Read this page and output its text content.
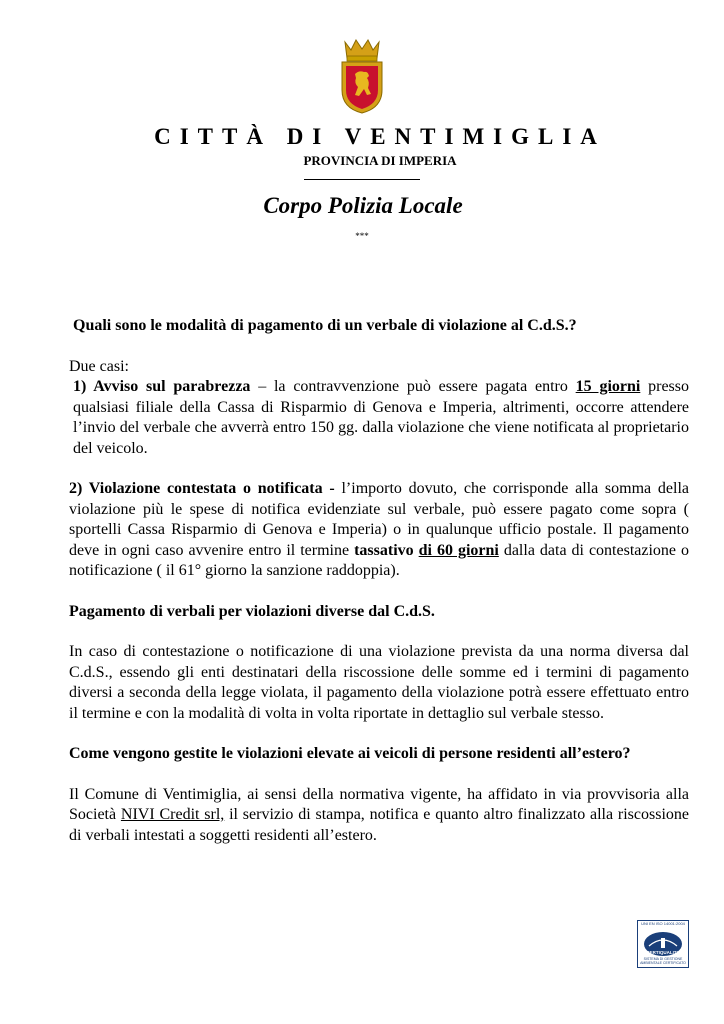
CITTÀ DI VENTIMIGLIA
PROVINCIA DI IMPERIA
Corpo Polizia Locale
***

Quali sono le modalità di pagamento di un verbale di violazione al C.d.S.?

Due casi:

1) Avviso sul parabrezza – la contravvenzione può essere pagata entro 15 giorni presso qualsiasi filiale della Cassa di Risparmio di Genova e Imperia, altrimenti, occorre attendere l’invio del verbale che avverrà entro 150 gg. dalla violazione che viene notificata al proprietario del veicolo.

2) Violazione contestata o notificata - l’importo dovuto, che corrisponde alla somma della violazione più le spese di notifica evidenziate sul verbale, può essere pagato come sopra ( sportelli Cassa Risparmio di Genova e Imperia) o in qualunque ufficio postale. Il pagamento deve in ogni caso avvenire entro il termine tassativo di 60 giorni dalla data di contestazione o notificazione ( il 61° giorno la sanzione raddoppia).

Pagamento di verbali per violazioni diverse dal C.d.S.

In caso di contestazione o notificazione di una violazione prevista da una norma diversa dal C.d.S., essendo gli enti destinatari della riscossione delle somme ed i termini di pagamento diversi a seconda della legge violata, il pagamento della violazione potrà essere effettuato entro il termine e con la modalità di volta in volta riportate in dettaglio sul verbale stesso.

Come vengono gestite le violazioni elevate ai veicoli di persone residenti all’estero?

Il Comune di Ventimiglia, ai sensi della normativa vigente, ha affidato in via provvisoria alla Società NIVI Credit srl, il servizio di stampa, notifica e quanto altro finalizzato alla riscossione di verbali intestati a soggetti residenti all’estero.

UNI EN ISO 14001:2004
CERTIQUALITY
SISTEMA DI GESTIONE AMBIENTALE CERTIFICATO
